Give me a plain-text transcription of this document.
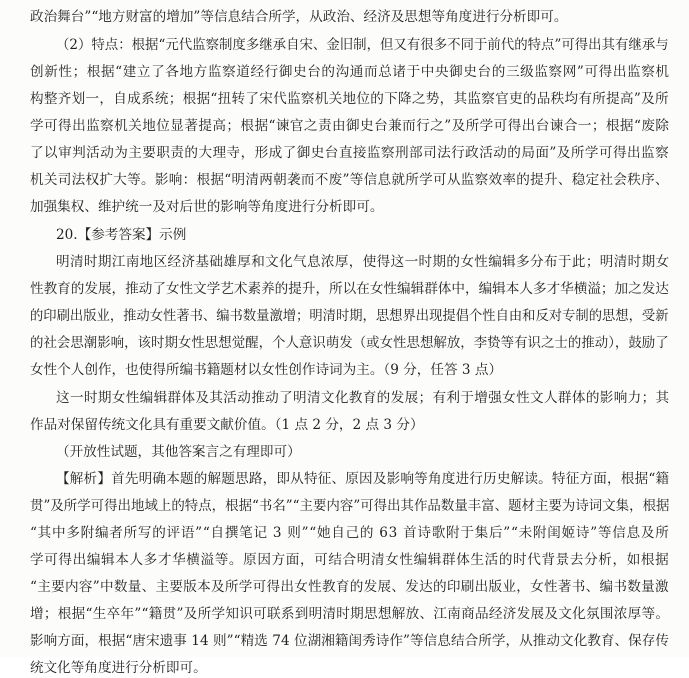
政治舞台”“地方财富的增加”等信息结合所学，从政治、经济及思想等角度进行分析即可。
（2）特点：根据“元代监察制度多继承自宋、金旧制，但又有很多不同于前代的特点”可得出其有继承与
创新性；根据“建立了各地方监察道经行御史台的沟通而总诸于中央御史台的三级监察网”可得出监察机
构整齐划一，自成系统；根据“扭转了宋代监察机关地位的下降之势，其监察官吏的品秩均有所提高”及所
学可得出监察机关地位显著提高；根据“谏官之责由御史台兼而行之”及所学可得出台谏合一；根据“废除
了以审判活动为主要职责的大理寺，形成了御史台直接监察刑部司法行政活动的局面”及所学可得出监察
机关司法权扩大等。影响：根据“明清两朝袭而不废”等信息就所学可从监察效率的提升、稳定社会秩序、
加强集权、维护统一及对后世的影响等角度进行分析即可。
20.【参考答案】示例
明清时期江南地区经济基础雄厚和文化气息浓厚，使得这一时期的女性编辑多分布于此；明清时期女
性教育的发展，推动了女性文学艺术素养的提升，所以在女性编辑群体中，编辑本人多才华横溢；加之发达
的印刷出版业，推动女性著书、编书数量激增；明清时期，思想界出现提倡个性自由和反对专制的思想，受新
的社会思潮影响，该时期女性思想觉醒，个人意识萌发（或女性思想解放，李贽等有识之士的推动），鼓励了
女性个人创作，也使得所编书籍题材以女性创作诗词为主。（9 分，任答 3 点）
这一时期女性编辑群体及其活动推动了明清文化教育的发展；有利于增强女性文人群体的影响力；其
作品对保留传统文化具有重要文献价值。（1 点 2 分，2 点 3 分）
（开放性试题，其他答案言之有理即可）
【解析】首先明确本题的解题思路，即从特征、原因及影响等角度进行历史解读。特征方面，根据“籍
贯”及所学可得出地域上的特点，根据“书名”“主要内容”可得出其作品数量丰富、题材主要为诗词文集，根据
“其中多附编者所写的评语”“自撰笔记 3 则”“她自己的 63 首诗歌附于集后”“未附闺姬诗”等信息及所
学可得出编辑本人多才华横溢等。原因方面，可结合明清女性编辑群体生活的时代背景去分析，如根据
“主要内容”中数量、主要版本及所学可得出女性教育的发展、发达的印刷出版业，女性著书、编书数量激
增；根据“生卒年”“籍贯”及所学知识可联系到明清时期思想解放、江南商品经济发展及文化氛围浓厚等。
影响方面，根据“唐宋遗事 14 则”“精选 74 位湖湘籍闺秀诗作”等信息结合所学，从推动文化教育、保存传
统文化等角度进行分析即可。
